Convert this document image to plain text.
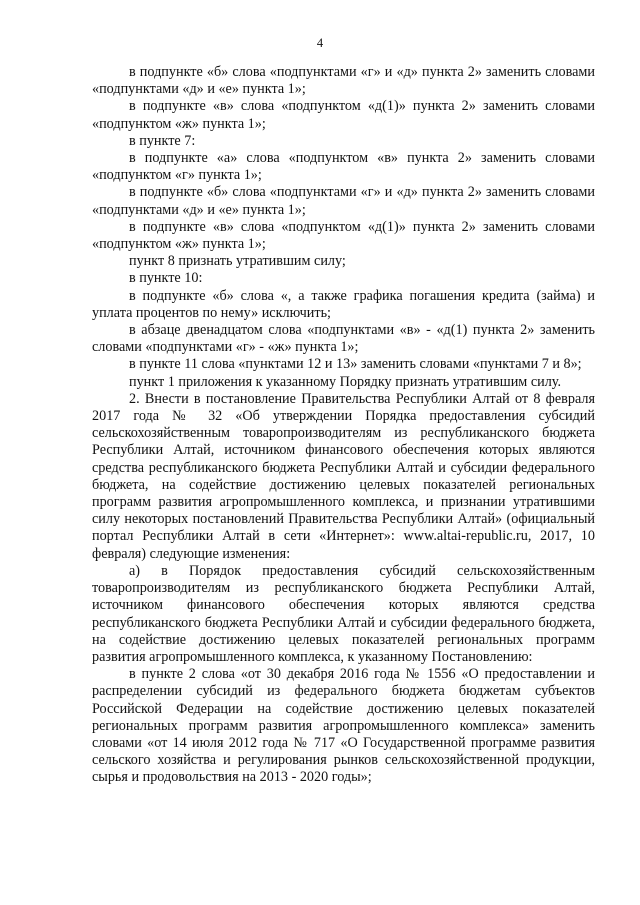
4

в подпункте «б» слова «подпунктами «г» и «д» пункта 2» заменить словами «подпунктами «д» и «е» пункта 1»;

в подпункте «в» слова «подпунктом «д(1)» пункта 2» заменить словами «подпунктом «ж» пункта 1»;

в пункте 7:

в подпункте «а» слова «подпунктом «в» пункта 2» заменить словами «подпунктом «г» пункта 1»;

в подпункте «б» слова «подпунктами «г» и «д» пункта 2» заменить словами «подпунктами «д» и «е» пункта 1»;

в подпункте «в» слова «подпунктом «д(1)» пункта 2» заменить словами «подпунктом «ж» пункта 1»;

пункт 8 признать утратившим силу;

в пункте 10:

в подпункте «б» слова «, а также графика погашения кредита (займа) и уплата процентов по нему» исключить;

в абзаце двенадцатом слова «подпунктами «в» - «д(1) пункта 2» заменить словами «подпунктами «г» - «ж» пункта 1»;

в пункте 11 слова «пунктами 12 и 13» заменить словами «пунктами 7 и 8»;

пункт 1 приложения к указанному Порядку признать утратившим силу.

2. Внести в постановление Правительства Республики Алтай от 8 февраля 2017 года № 32 «Об утверждении Порядка предоставления субсидий сельскохозяйственным товаропроизводителям из республиканского бюджета Республики Алтай, источником финансового обеспечения которых являются средства республиканского бюджета Республики Алтай и субсидии федерального бюджета, на содействие достижению целевых показателей региональных программ развития агропромышленного комплекса, и признании утратившими силу некоторых постановлений Правительства Республики Алтай» (официальный портал Республики Алтай в сети «Интернет»: www.altai-republic.ru, 2017, 10 февраля) следующие изменения:

а) в Порядок предоставления субсидий сельскохозяйственным товаропроизводителям из республиканского бюджета Республики Алтай, источником финансового обеспечения которых являются средства республиканского бюджета Республики Алтай и субсидии федерального бюджета, на содействие достижению целевых показателей региональных программ развития агропромышленного комплекса, к указанному Постановлению:

в пункте 2 слова «от 30 декабря 2016 года № 1556 «О предоставлении и распределении субсидий из федерального бюджета бюджетам субъектов Российской Федерации на содействие достижению целевых показателей региональных программ развития агропромышленного комплекса» заменить словами «от 14 июля 2012 года № 717 «О Государственной программе развития сельского хозяйства и регулирования рынков сельскохозяйственной продукции, сырья и продовольствия на 2013 - 2020 годы»;
